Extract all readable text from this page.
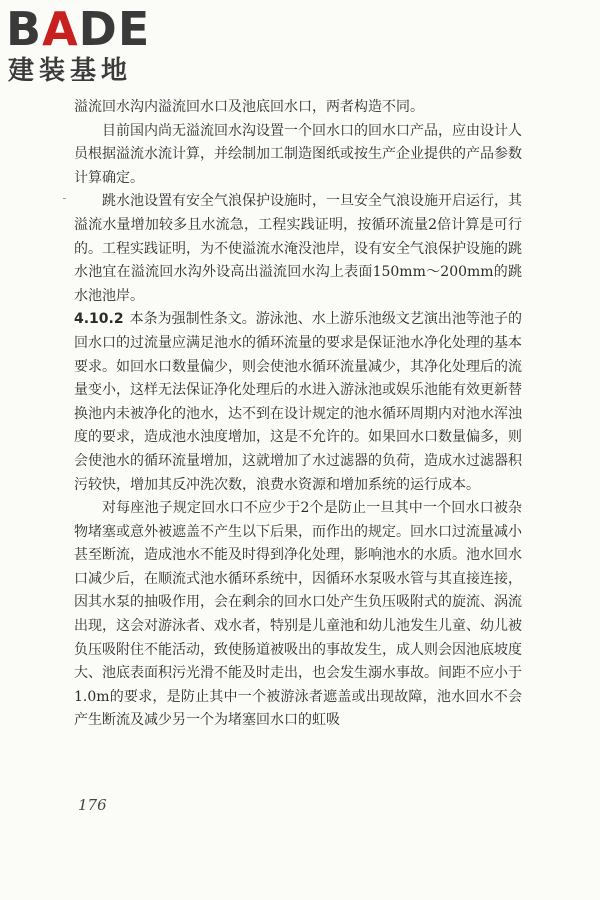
BADE
建装基地

溢流回水沟内溢流回水口及池底回水口，两者构造不同。

目前国内尚无溢流回水沟设置一个回水口的回水口产品，应由设计人员根据溢流水流计算，并绘制加工制造图纸或按生产企业提供的产品参数计算确定。

跳水池设置有安全气浪保护设施时，一旦安全气浪设施开启运行，其溢流水量增加较多且水流急，工程实践证明，按循环流量2倍计算是可行的。工程实践证明，为不使溢流水淹没池岸，设有安全气浪保护设施的跳水池宜在溢流回水沟外设高出溢流回水沟上表面150mm～200mm的跳水池池岸。

4.10.2 本条为强制性条文。游泳池、水上游乐池级文艺演出池等池子的回水口的过流量应满足池水的循环流量的要求是保证池水净化处理的基本要求。如回水口数量偏少，则会使池水循环流量减少，其净化处理后的流量变小，这样无法保证净化处理后的水进入游泳池或娱乐池能有效更新替换池内未被净化的池水，达不到在设计规定的池水循环周期内对池水浑浊度的要求，造成池水浊度增加，这是不允许的。如果回水口数量偏多，则会使池水的循环流量增加，这就增加了水过滤器的负荷，造成水过滤器积污较快，增加其反冲洗次数，浪费水资源和增加系统的运行成本。

对每座池子规定回水口不应少于2个是防止一旦其中一个回水口被杂物堵塞或意外被遮盖不产生以下后果，而作出的规定。回水口过流量减小甚至断流，造成池水不能及时得到净化处理，影响池水的水质。池水回水口减少后，在顺流式池水循环系统中，因循环水泵吸水管与其直接连接，因其水泵的抽吸作用，会在剩余的回水口处产生负压吸附式的旋流、涡流出现，这会对游泳者、戏水者，特别是儿童池和幼儿池发生儿童、幼儿被负压吸附住不能活动，致使肠道被吸出的事故发生，成人则会因池底坡度大、池底表面积污光滑不能及时走出，也会发生溺水事故。间距不应小于1.0m的要求，是防止其中一个被游泳者遮盖或出现故障，池水回水不会产生断流及减少另一个为堵塞回水口的虹吸

176
